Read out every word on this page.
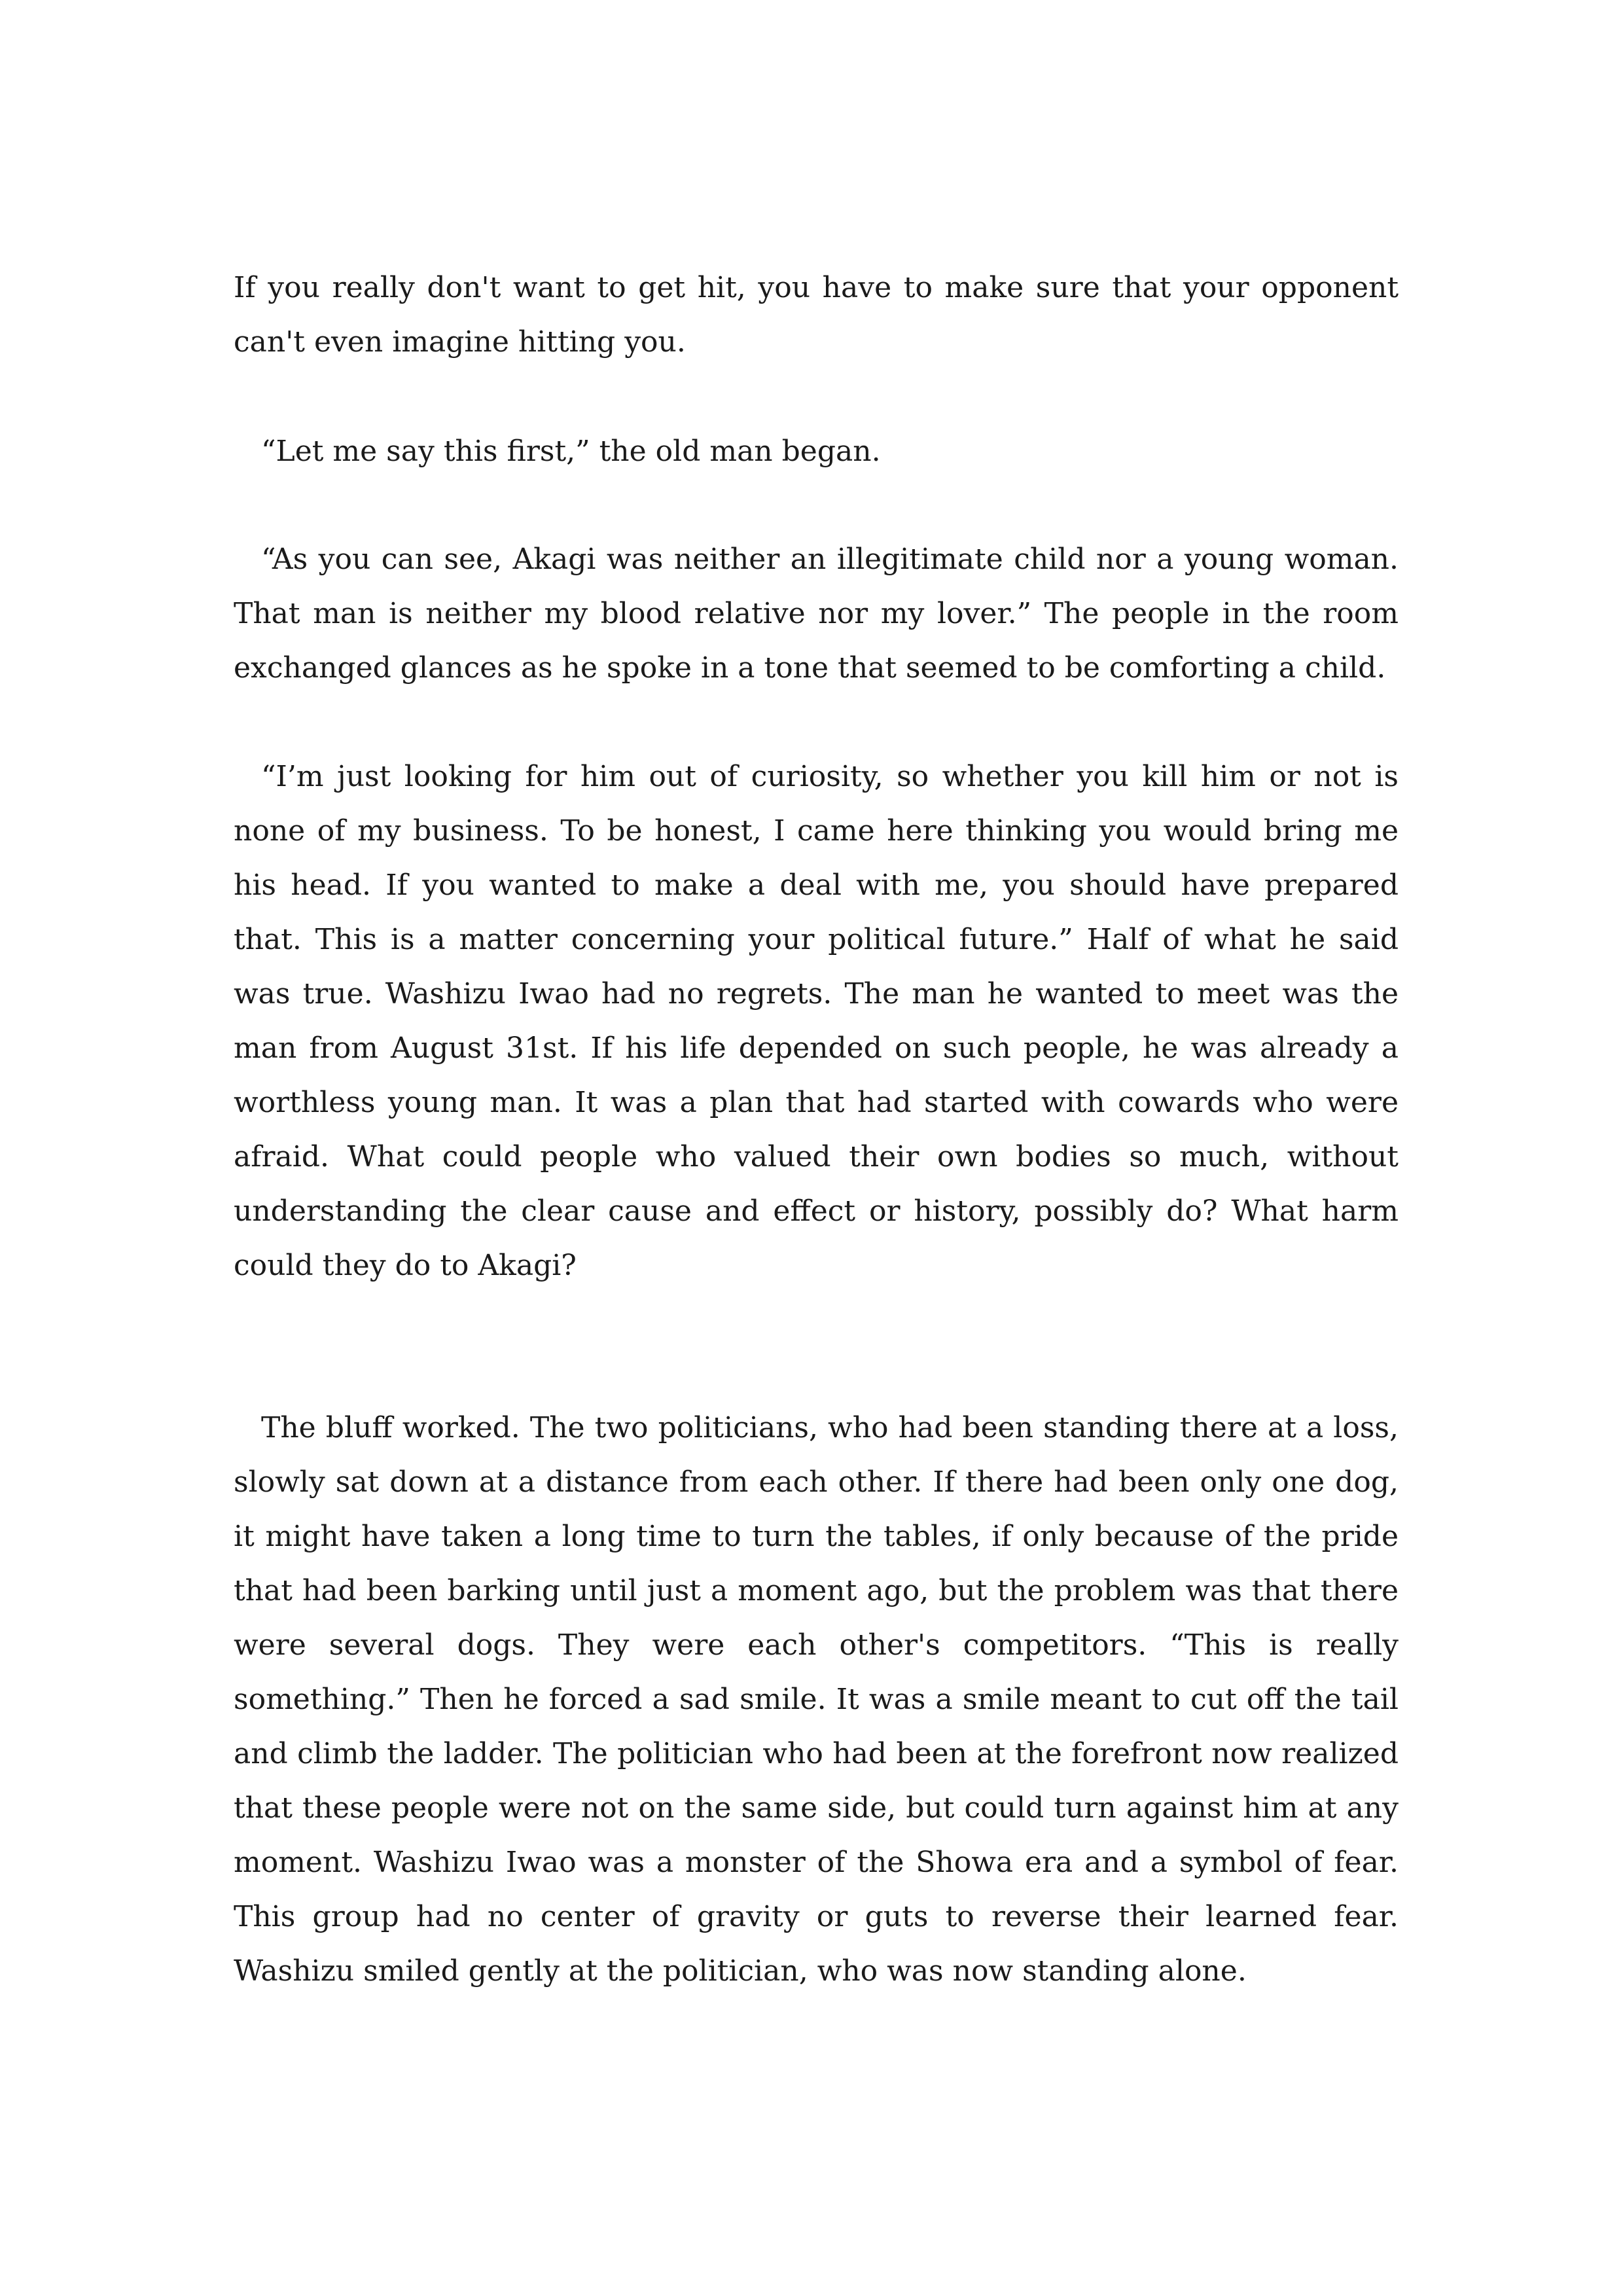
If you really don't want to get hit, you have to make sure that your opponent can't even imagine hitting you.

“Let me say this first,” the old man began.

“As you can see, Akagi was neither an illegitimate child nor a young woman. That man is neither my blood relative nor my lover.” The people in the room exchanged glances as he spoke in a tone that seemed to be comforting a child.

“I’m just looking for him out of curiosity, so whether you kill him or not is none of my business. To be honest, I came here thinking you would bring me his head. If you wanted to make a deal with me, you should have prepared that. This is a matter concerning your political future.” Half of what he said was true. Washizu Iwao had no regrets. The man he wanted to meet was the man from August 31st. If his life depended on such people, he was already a worthless young man. It was a plan that had started with cowards who were afraid. What could people who valued their own bodies so much, without understanding the clear cause and effect or history, possibly do? What harm could they do to Akagi?

The bluff worked. The two politicians, who had been standing there at a loss, slowly sat down at a distance from each other. If there had been only one dog, it might have taken a long time to turn the tables, if only because of the pride that had been barking until just a moment ago, but the problem was that there were several dogs. They were each other's competitors. “This is really something.” Then he forced a sad smile. It was a smile meant to cut off the tail and climb the ladder. The politician who had been at the forefront now realized that these people were not on the same side, but could turn against him at any moment. Washizu Iwao was a monster of the Showa era and a symbol of fear. This group had no center of gravity or guts to reverse their learned fear. Washizu smiled gently at the politician, who was now standing alone.
